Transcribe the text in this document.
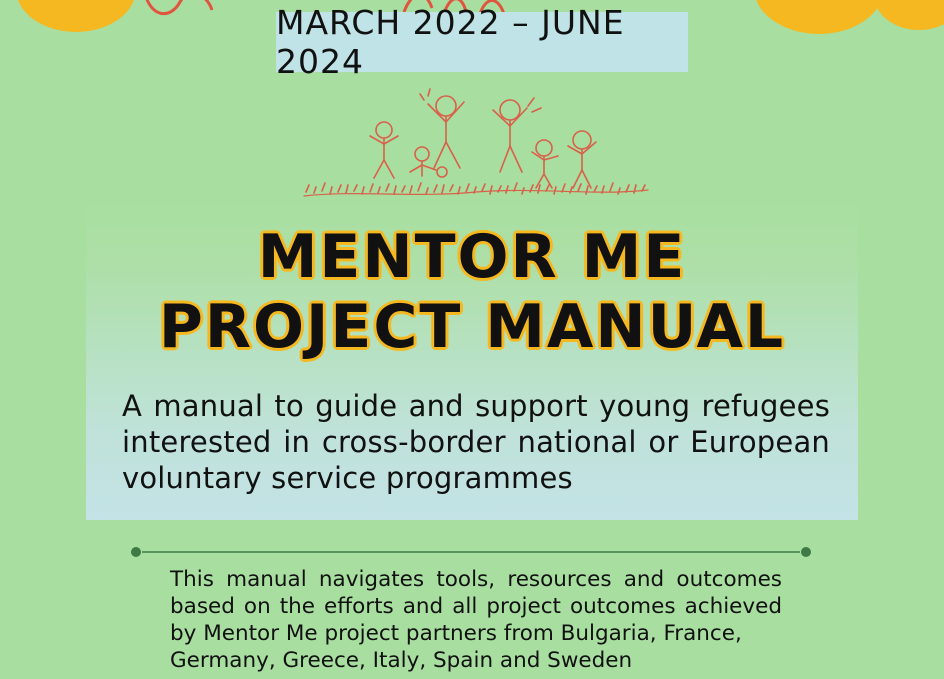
MARCH 2022 – JUNE 2024
MENTOR ME
PROJECT MANUAL
A manual to guide and support young refugees interested in cross-border national or European voluntary service programmes
This manual navigates tools, resources and outcomes based on the efforts and all project outcomes achieved by Mentor Me project partners from Bulgaria, France,
Germany, Greece, Italy, Spain and Sweden
